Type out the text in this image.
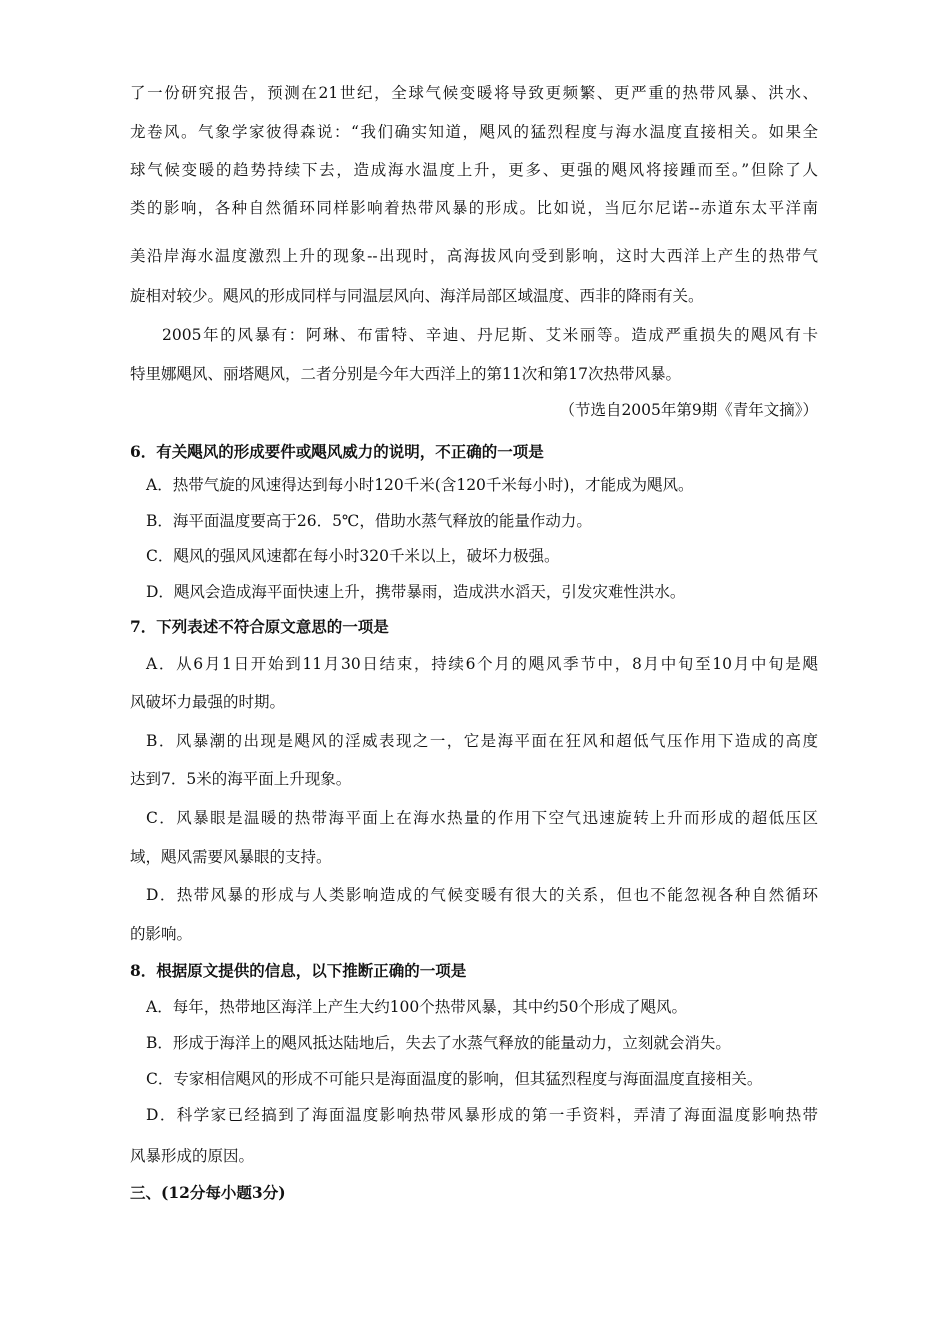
了一份研究报告，预测在21世纪，全球气候变暖将导致更频繁、更严重的热带风暴、洪水、
龙卷风。气象学家彼得森说：“我们确实知道，飓风的猛烈程度与海水温度直接相关。如果全
球气候变暖的趋势持续下去，造成海水温度上升，更多、更强的飓风将接踵而至。”但除了人
类的影响，各种自然循环同样影响着热带风暴的形成。比如说，当厄尔尼诺--赤道东太平洋南
美沿岸海水温度激烈上升的现象--出现时，高海拔风向受到影响，这时大西洋上产生的热带气
旋相对较少。飓风的形成同样与同温层风向、海洋局部区域温度、西非的降雨有关。
2005年的风暴有：阿琳、布雷特、辛迪、丹尼斯、艾米丽等。造成严重损失的飓风有卡
特里娜飓风、丽塔飓风，二者分别是今年大西洋上的第11次和第17次热带风暴。
（节选自2005年第9期《青年文摘》）
6．有关飓风的形成要件或飓风威力的说明，不正确的一项是
A．热带气旋的风速得达到每小时120千米(含120千米每小时)，才能成为飓风。
B．海平面温度要高于26．5℃，借助水蒸气释放的能量作动力。
C．飓风的强风风速都在每小时320千米以上，破坏力极强。
D．飓风会造成海平面快速上升，携带暴雨，造成洪水滔天，引发灾难性洪水。
7．下列表述不符合原文意思的一项是
A．从6月1日开始到11月30日结束，持续6个月的飓风季节中，8月中旬至10月中旬是飓
风破坏力最强的时期。
B．风暴潮的出现是飓风的淫威表现之一，它是海平面在狂风和超低气压作用下造成的高度
达到7．5米的海平面上升现象。
C．风暴眼是温暖的热带海平面上在海水热量的作用下空气迅速旋转上升而形成的超低压区
域，飓风需要风暴眼的支持。
D．热带风暴的形成与人类影响造成的气候变暖有很大的关系，但也不能忽视各种自然循环
的影响。
8．根据原文提供的信息，以下推断正确的一项是
A．每年，热带地区海洋上产生大约100个热带风暴，其中约50个形成了飓风。
B．形成于海洋上的飓风抵达陆地后，失去了水蒸气释放的能量动力，立刻就会消失。
C．专家相信飓风的形成不可能只是海面温度的影响，但其猛烈程度与海面温度直接相关。
D．科学家已经搞到了海面温度影响热带风暴形成的第一手资料，弄清了海面温度影响热带
风暴形成的原因。
三、(12分每小题3分)
